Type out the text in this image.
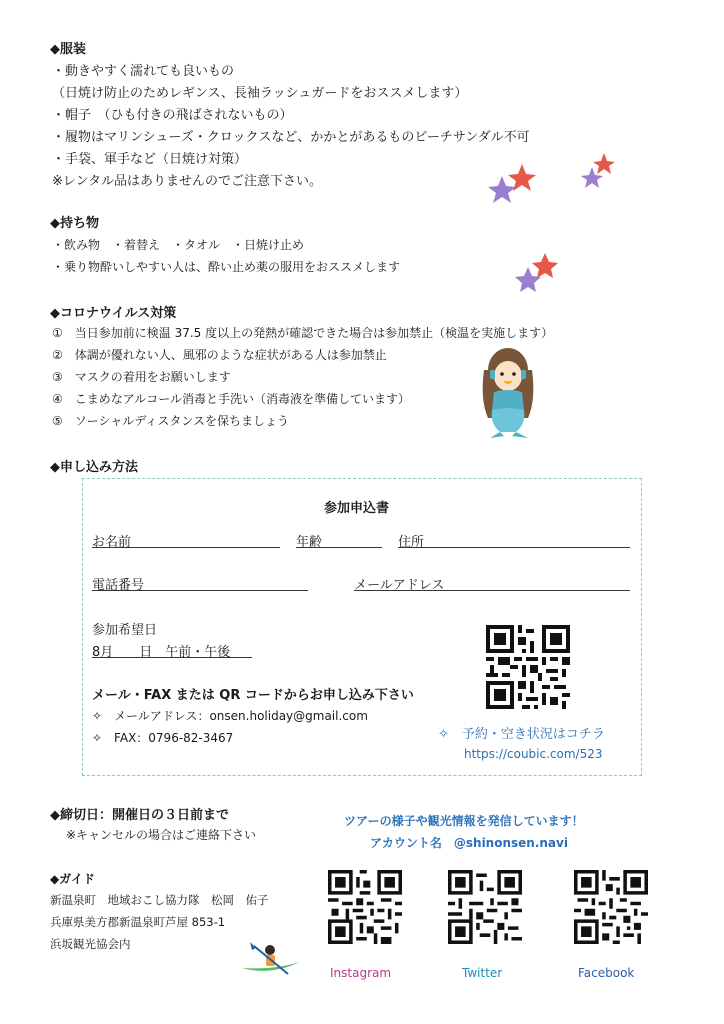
◆服装
・動きやすく濡れても良いもの
（日焼け防止のためレギンス、長袖ラッシュガードをおススメします）
・帽子　（ひも付きの飛ばされないもの）
・履物はマリンシューズ・クロックスなど、かかとがあるものビーチサンダル不可
・手袋、軍手など（日焼け対策）
※レンタル品はありませんのでご注意下さい。
◆持ち物
・飲み物　・着替え　・タオル　・日焼け止め
・乗り物酔いしやすい人は、酔い止め薬の服用をおススメします
◆コロナウイルス対策
①　当日参加前に検温 37.5 度以上の発熱が確認できた場合は参加禁止（検温を実施します）
②　体調が優れない人、風邪のような症状がある人は参加禁止
③　マスクの着用をお願いします
④　こまめなアルコール消毒と手洗い（消毒液を準備しています）
⑤　ソーシャルディスタンスを保ちましょう
◆申し込み方法
参加申込書
お名前	年齢	住所
電話番号	メールアドレス
参加希望日
8月　　日　午前・午後
メール・FAX または QR コードからお申し込み下さい
✧　メールアドレス：onsen.holiday@gmail.com
✧　FAX：0796-82-3467	✧　予約・空き状況はコチラ
https://coubic.com/523
◆締切日：開催日の３日前まで
※キャンセルの場合はご連絡下さい
ツアーの様子や観光情報を発信しています！
アカウント名　@shinonsen.navi
◆ガイド
新温泉町　地域おこし協力隊　松岡　佑子
兵庫県美方郡新温泉町芦屋 853-1
浜坂観光協会内
Instagram	Twitter	Facebook
